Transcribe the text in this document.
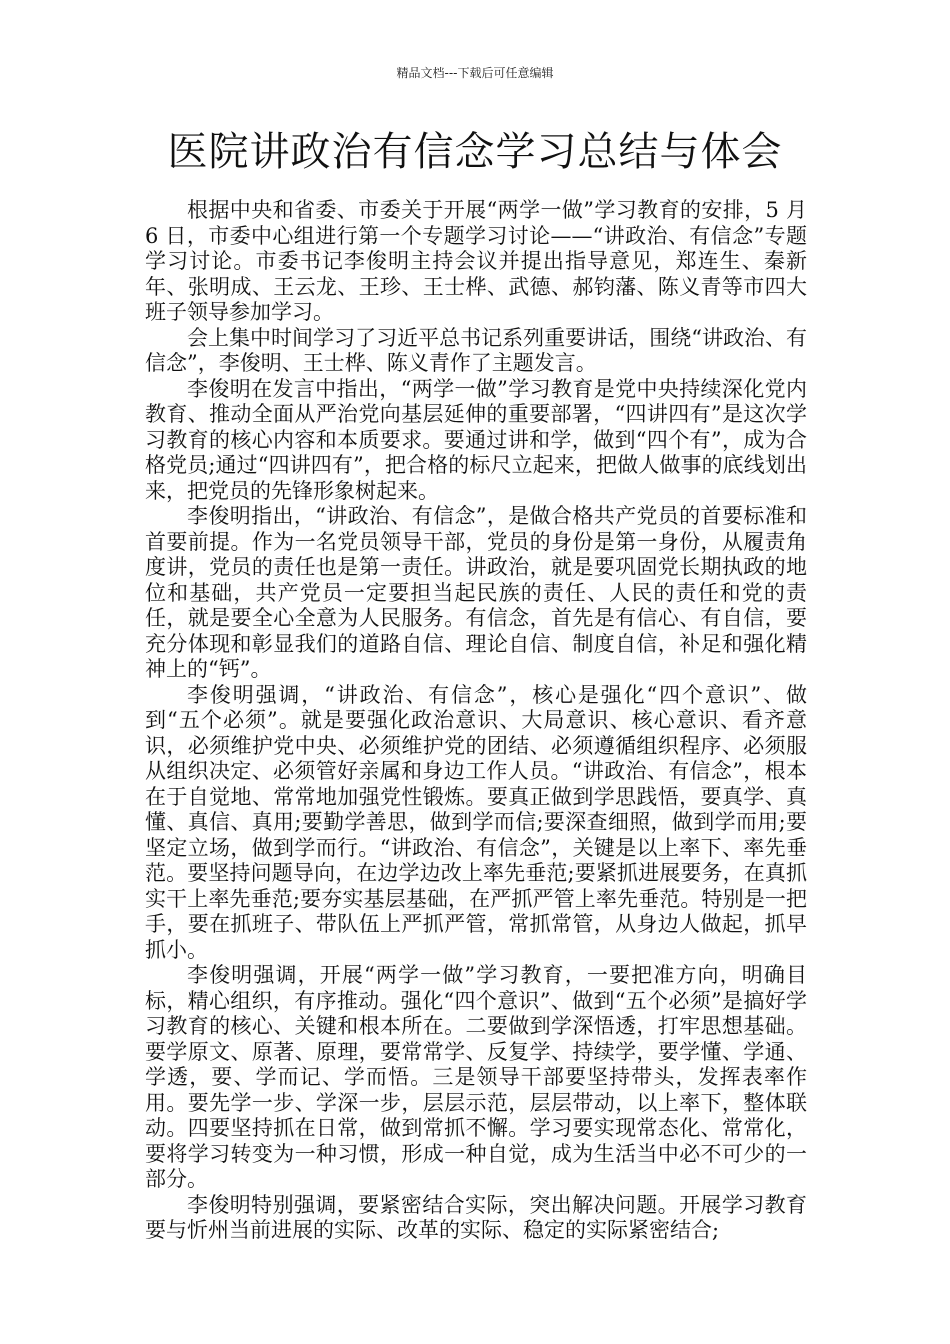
精品文档---下载后可任意编辑
医院讲政治有信念学习总结与体会

根据中央和省委、市委关于开展“两学一做”学习教育的安排，5 月6 日，市委中心组进行第一个专题学习讨论——“讲政治、有信念”专题学习讨论。市委书记李俊明主持会议并提出指导意见，郑连生、秦新年、张明成、王云龙、王珍、王士桦、武德、郝钧藩、陈义青等市四大班子领导参加学习。

会上集中时间学习了习近平总书记系列重要讲话，围绕“讲政治、有信念”，李俊明、王士桦、陈义青作了主题发言。

李俊明在发言中指出，“两学一做”学习教育是党中央持续深化党内教育、推动全面从严治党向基层延伸的重要部署，“四讲四有”是这次学习教育的核心内容和本质要求。要通过讲和学，做到“四个有”，成为合格党员;通过“四讲四有”，把合格的标尺立起来，把做人做事的底线划出来，把党员的先锋形象树起来。

李俊明指出，“讲政治、有信念”，是做合格共产党员的首要标准和首要前提。作为一名党员领导干部，党员的身份是第一身份，从履责角度讲，党员的责任也是第一责任。讲政治，就是要巩固党长期执政的地位和基础，共产党员一定要担当起民族的责任、人民的责任和党的责任，就是要全心全意为人民服务。有信念，首先是有信心、有自信，要充分体现和彰显我们的道路自信、理论自信、制度自信，补足和强化精神上的“钙”。

李俊明强调，“讲政治、有信念”，核心是强化“四个意识”、做到“五个必须”。就是要强化政治意识、大局意识、核心意识、看齐意识，必须维护党中央、必须维护党的团结、必须遵循组织程序、必须服从组织决定、必须管好亲属和身边工作人员。“讲政治、有信念”，根本在于自觉地、常常地加强党性锻炼。要真正做到学思践悟，要真学、真懂、真信、真用;要勤学善思，做到学而信;要深查细照，做到学而用;要坚定立场，做到学而行。“讲政治、有信念”，关键是以上率下、率先垂范。要坚持问题导向，在边学边改上率先垂范;要紧抓进展要务，在真抓实干上率先垂范;要夯实基层基础，在严抓严管上率先垂范。特别是一把手，要在抓班子、带队伍上严抓严管，常抓常管，从身边人做起，抓早抓小。

李俊明强调，开展“两学一做”学习教育，一要把准方向，明确目标，精心组织，有序推动。强化“四个意识”、做到“五个必须”是搞好学习教育的核心、关键和根本所在。二要做到学深悟透，打牢思想基础。要学原文、原著、原理，要常常学、反复学、持续学，要学懂、学通、学透，要、学而记、学而悟。三是领导干部要坚持带头，发挥表率作用。要先学一步、学深一步，层层示范，层层带动，以上率下，整体联动。四要坚持抓在日常，做到常抓不懈。学习要实现常态化、常常化，要将学习转变为一种习惯，形成一种自觉，成为生活当中必不可少的一部分。

李俊明特别强调，要紧密结合实际，突出解决问题。开展学习教育要与忻州当前进展的实际、改革的实际、稳定的实际紧密结合;
